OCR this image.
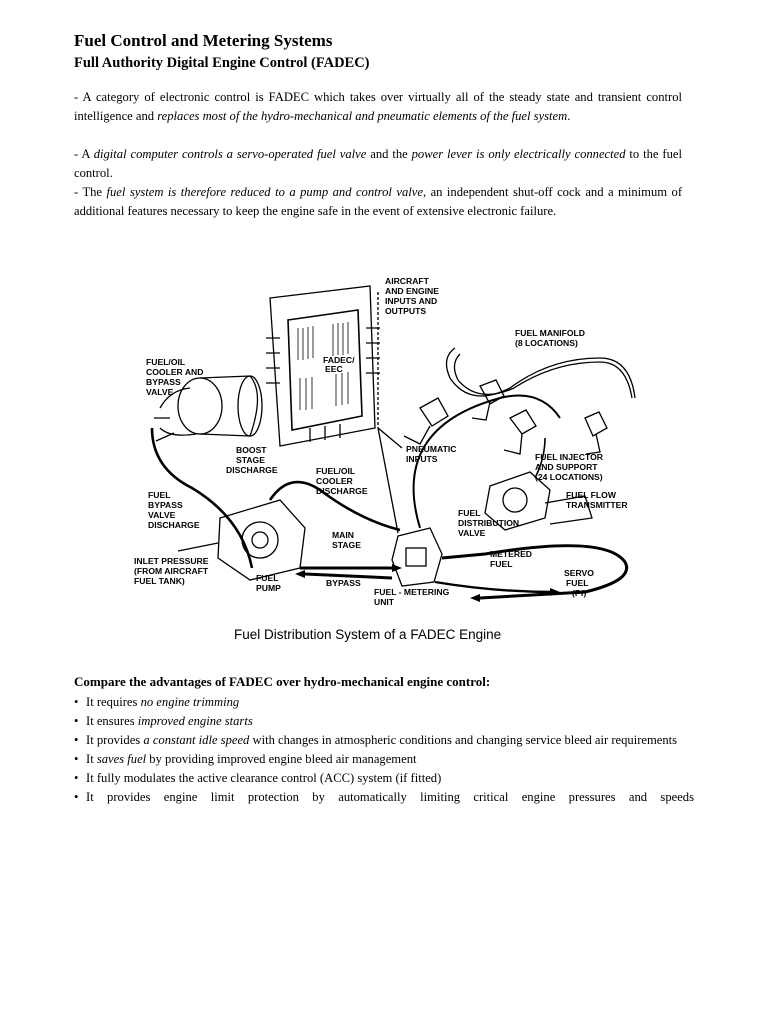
Fuel Control and Metering Systems
Full Authority Digital Engine Control (FADEC)
- A category of electronic control is FADEC which takes over virtually all of the steady state and transient control intelligence and replaces most of the hydro-mechanical and pneumatic elements of the fuel system.
- A digital computer controls a servo-operated fuel valve and the power lever is only electrically connected to the fuel control.
- The fuel system is therefore reduced to a pump and control valve, an independent shut-off cock and a minimum of additional features necessary to keep the engine safe in the event of extensive electronic failure.
AIRCRAFT AND ENGINE INPUTS AND OUTPUTS
FUEL MANIFOLD (8 LOCATIONS)
FUEL/OIL COOLER AND BYPASS VALVE
FADEC/ EEC
BOOST STAGE DISCHARGE
PNEUMATIC INPUTS	FUEL INJECTOR AND SUPPORT (24 LOCATIONS)
FUEL/OIL COOLER DISCHARGE	FUEL FLOW TRANSMITTER
FUEL BYPASS VALVE DISCHARGE
FUEL DISTRIBUTION VALVE
MAIN STAGE
METERED FUEL
INLET PRESSURE (FROM AIRCRAFT FUEL TANK)	FUEL PUMP	BYPASS
FUEL - METERING UNIT
SERVO FUEL (Pf)
Fuel Distribution System of a FADEC Engine
Compare the advantages of FADEC over hydro-mechanical engine control:
• It requires no engine trimming
• It ensures improved engine starts
• It provides a constant idle speed with changes in atmospheric conditions and changing service bleed air requirements
• It saves fuel by providing improved engine bleed air management
• It fully modulates the active clearance control (ACC) system (if fitted)
• It provides engine limit protection by automatically limiting critical engine pressures and speeds
